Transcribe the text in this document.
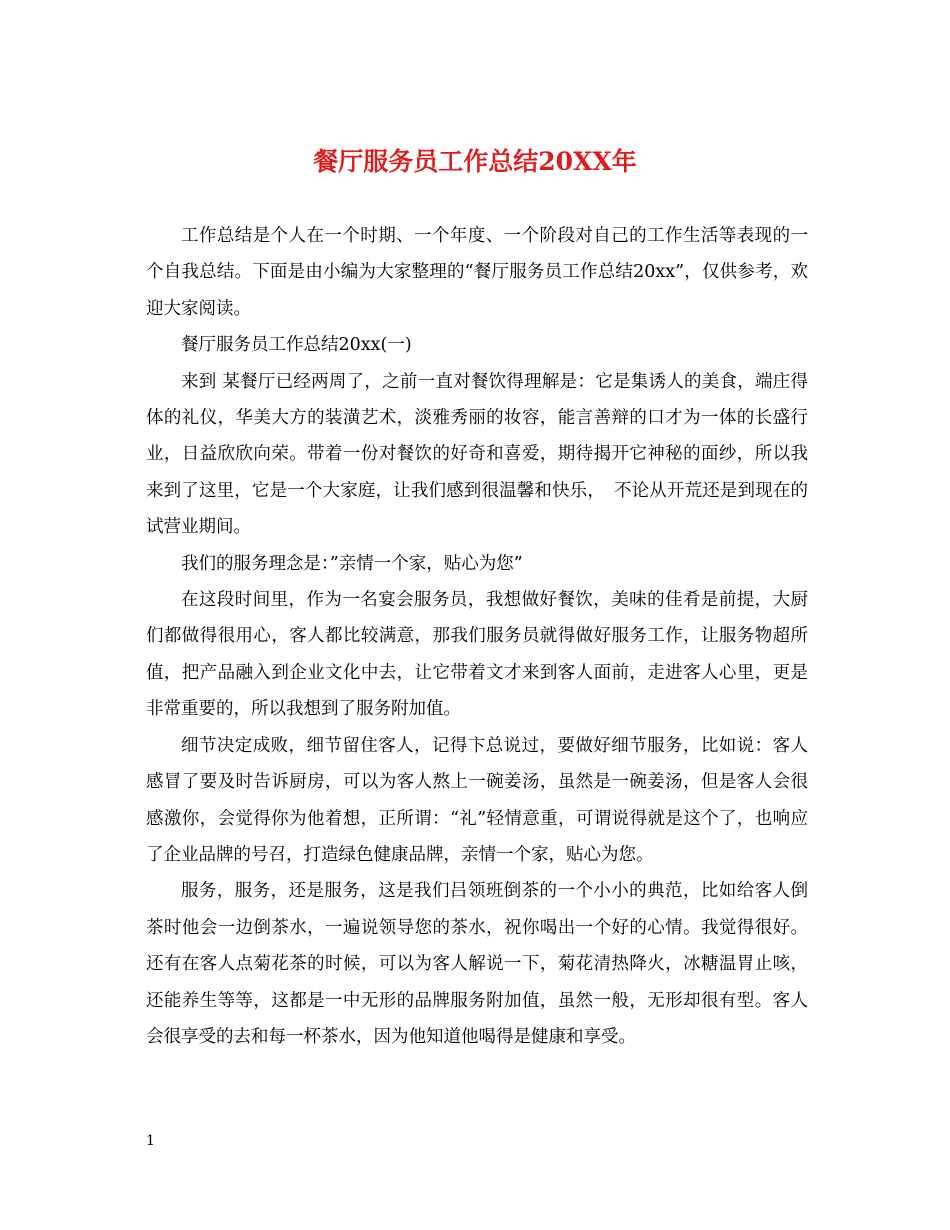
餐厅服务员工作总结20XX年

工作总结是个人在一个时期、一个年度、一个阶段对自己的工作生活等表现的一个自我总结。下面是由小编为大家整理的“餐厅服务员工作总结20xx”，仅供参考，欢迎大家阅读。

餐厅服务员工作总结20xx(一)

来到 某餐厅已经两周了，之前一直对餐饮得理解是：它是集诱人的美食，端庄得体的礼仪，华美大方的装潢艺术，淡雅秀丽的妆容，能言善辩的口才为一体的长盛行业，日益欣欣向荣。带着一份对餐饮的好奇和喜爱，期待揭开它神秘的面纱，所以我来到了这里，它是一个大家庭，让我们感到很温馨和快乐，　不论从开荒还是到现在的试营业期间。

我们的服务理念是：”亲情一个家，贴心为您”

在这段时间里，作为一名宴会服务员，我想做好餐饮，美味的佳肴是前提，大厨们都做得很用心，客人都比较满意，那我们服务员就得做好服务工作，让服务物超所值，把产品融入到企业文化中去，让它带着文才来到客人面前，走进客人心里，更是非常重要的，所以我想到了服务附加值。

细节决定成败，细节留住客人，记得卞总说过，要做好细节服务，比如说：客人感冒了要及时告诉厨房，可以为客人熬上一碗姜汤，虽然是一碗姜汤，但是客人会很感激你，会觉得你为他着想，正所谓：“礼”轻情意重，可谓说得就是这个了，也响应了企业品牌的号召，打造绿色健康品牌，亲情一个家，贴心为您。

服务，服务，还是服务，这是我们吕领班倒茶的一个小小的典范，比如给客人倒茶时他会一边倒茶水，一遍说领导您的茶水，祝你喝出一个好的心情。我觉得很好。还有在客人点菊花茶的时候，可以为客人解说一下，菊花清热降火，冰糖温胃止咳，还能养生等等，这都是一中无形的品牌服务附加值，虽然一般，无形却很有型。客人会很享受的去和每一杯茶水，因为他知道他喝得是健康和享受。

1
